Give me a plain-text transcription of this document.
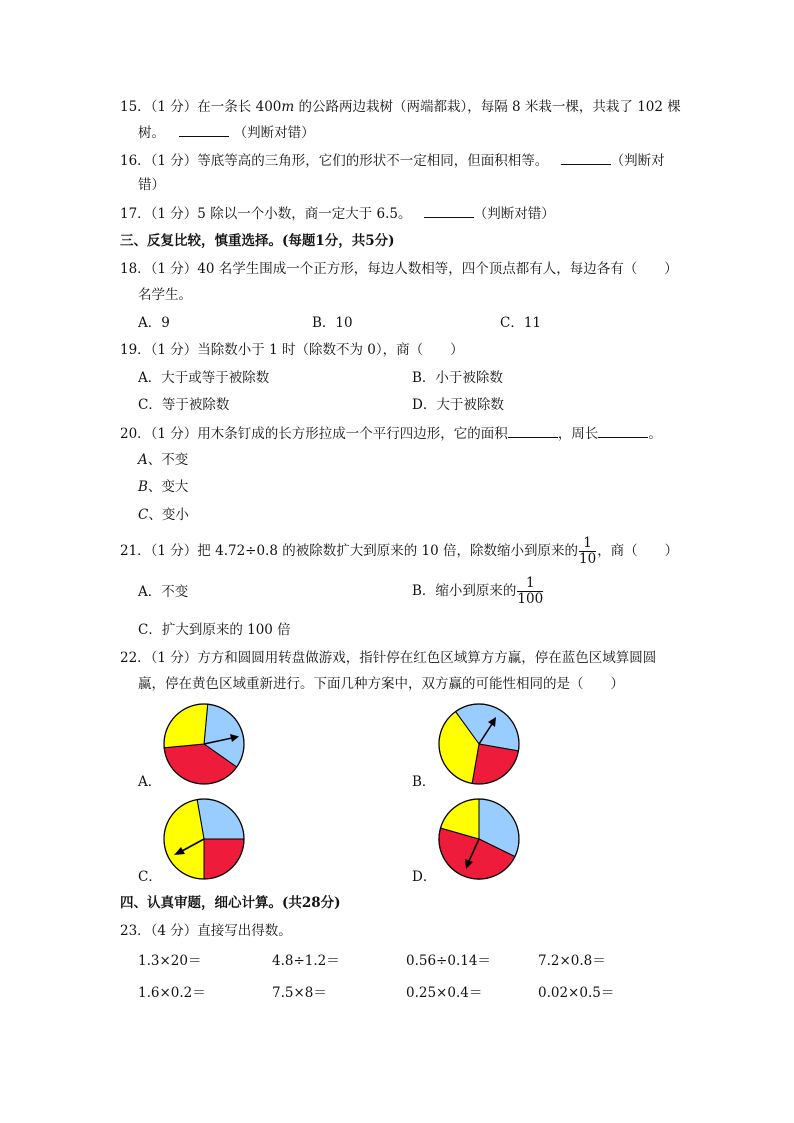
15．（1 分）在一条长 400m 的公路两边栽树（两端都栽），每隔 8 米栽一棵，共栽了 102 棵
树。	（判断对错）
16．（1 分）等底等高的三角形，它们的形状不一定相同，但面积相等。	（判断对
错）
17．（1 分）5 除以一个小数，商一定大于 6.5。	（判断对错）
三、反复比较，慎重选择。(每题1分，共5分)
18．（1 分）40 名学生围成一个正方形，每边人数相等，四个顶点都有人，每边各有（　　）
名学生。
A．9	B．10	C．11
19．（1 分）当除数小于 1 时（除数不为 0），商（　　）
A．大于或等于被除数	B．小于被除数
C．等于被除数	D．大于被除数
20．（1 分）用木条钉成的长方形拉成一个平行四边形，它的面积	，周长	。
A、不变
B、变大
C、变小
21．（1 分）把 4.72÷0.8 的被除数扩大到原来的 10 倍，除数缩小到原来的 $\frac{1}{10}$ ，商（　　）
A．不变	B．缩小到原来的 $\frac{1}{100}$
C．扩大到原来的 100 倍
22．（1 分）方方和圆圆用转盘做游戏，指针停在红色区域算方方赢，停在蓝色区域算圆圆
赢，停在黄色区域重新进行。下面几种方案中，双方赢的可能性相同的是（　　）
A．	B．
C．	D．
四、认真审题，细心计算。(共28分)
23．（4 分）直接写出得数。
1.3×20＝	4.8÷1.2＝	0.56÷0.14＝	7.2×0.8＝
1.6×0.2＝	7.5×8＝	0.25×0.4＝	0.02×0.5＝
